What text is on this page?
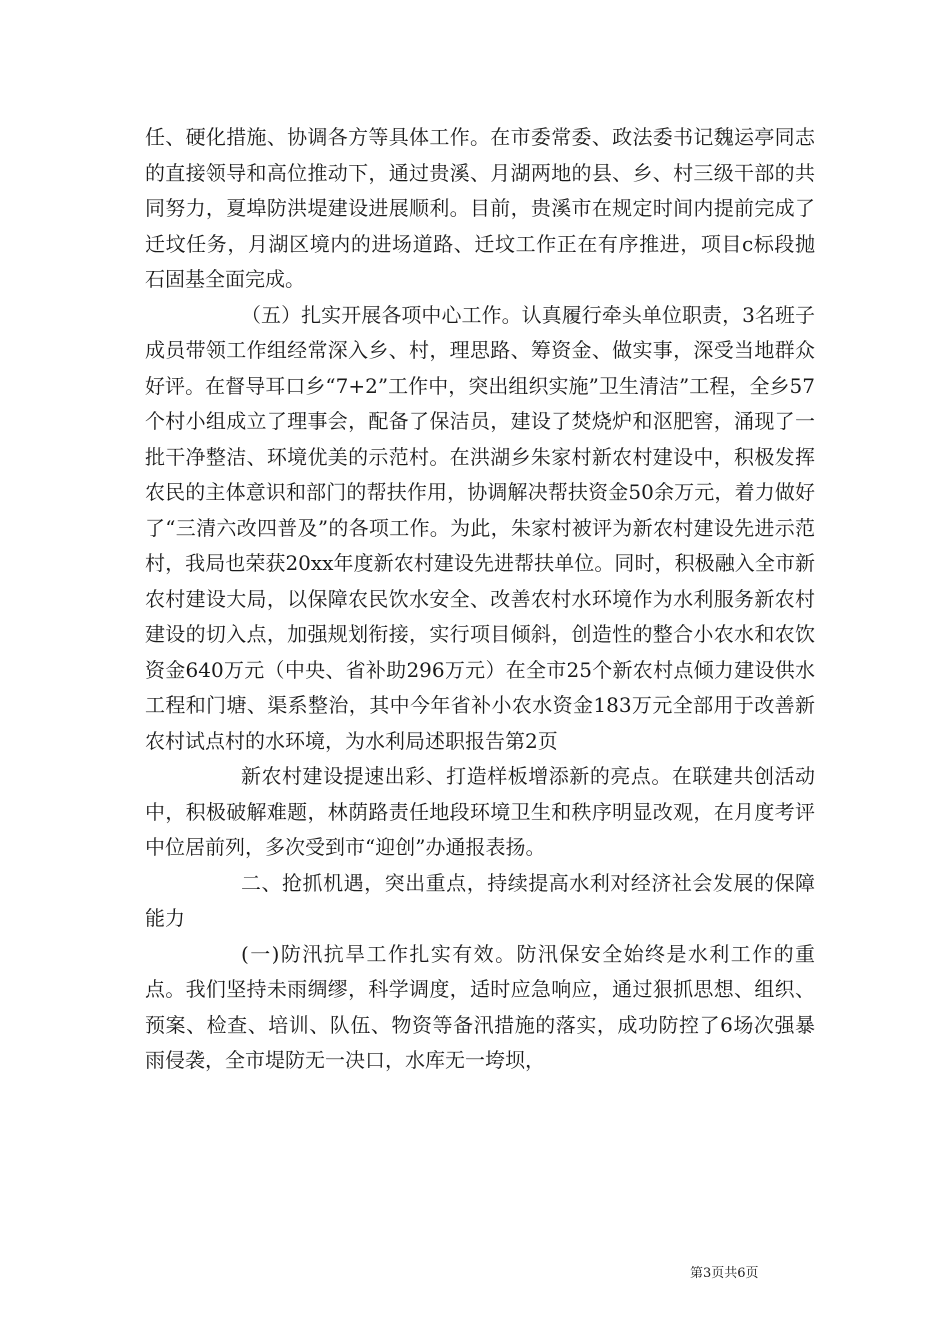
任、硬化措施、协调各方等具体工作。在市委常委、政法委书记魏运亭同志的直接领导和高位推动下，通过贵溪、月湖两地的县、乡、村三级干部的共同努力，夏埠防洪堤建设进展顺利。目前，贵溪市在规定时间内提前完成了迁坟任务，月湖区境内的进场道路、迁坟工作正在有序推进，项目c标段抛石固基全面完成。

（五）扎实开展各项中心工作。认真履行牵头单位职责，3名班子成员带领工作组经常深入乡、村，理思路、筹资金、做实事，深受当地群众好评。在督导耳口乡“7+2”工作中，突出组织实施”卫生清洁”工程，全乡57个村小组成立了理事会，配备了保洁员，建设了焚烧炉和沤肥窖，涌现了一批干净整洁、环境优美的示范村。在洪湖乡朱家村新农村建设中，积极发挥农民的主体意识和部门的帮扶作用，协调解决帮扶资金50余万元，着力做好了“三清六改四普及”的各项工作。为此，朱家村被评为新农村建设先进示范村，我局也荣获20xx年度新农村建设先进帮扶单位。同时，积极融入全市新农村建设大局，以保障农民饮水安全、改善农村水环境作为水利服务新农村建设的切入点，加强规划衔接，实行项目倾斜，创造性的整合小农水和农饮资金640万元（中央、省补助296万元）在全市25个新农村点倾力建设供水工程和门塘、渠系整治，其中今年省补小农水资金183万元全部用于改善新农村试点村的水环境，为水利局述职报告第2页

新农村建设提速出彩、打造样板增添新的亮点。在联建共创活动中，积极破解难题，林荫路责任地段环境卫生和秩序明显改观，在月度考评中位居前列，多次受到市“迎创”办通报表扬。

二、抢抓机遇，突出重点，持续提高水利对经济社会发展的保障能力

(一)防汛抗旱工作扎实有效。防汛保安全始终是水利工作的重点。我们坚持未雨绸缪，科学调度，适时应急响应，通过狠抓思想、组织、预案、检查、培训、队伍、物资等备汛措施的落实，成功防控了6场次强暴雨侵袭，全市堤防无一决口，水库无一垮坝，

第3页共6页
